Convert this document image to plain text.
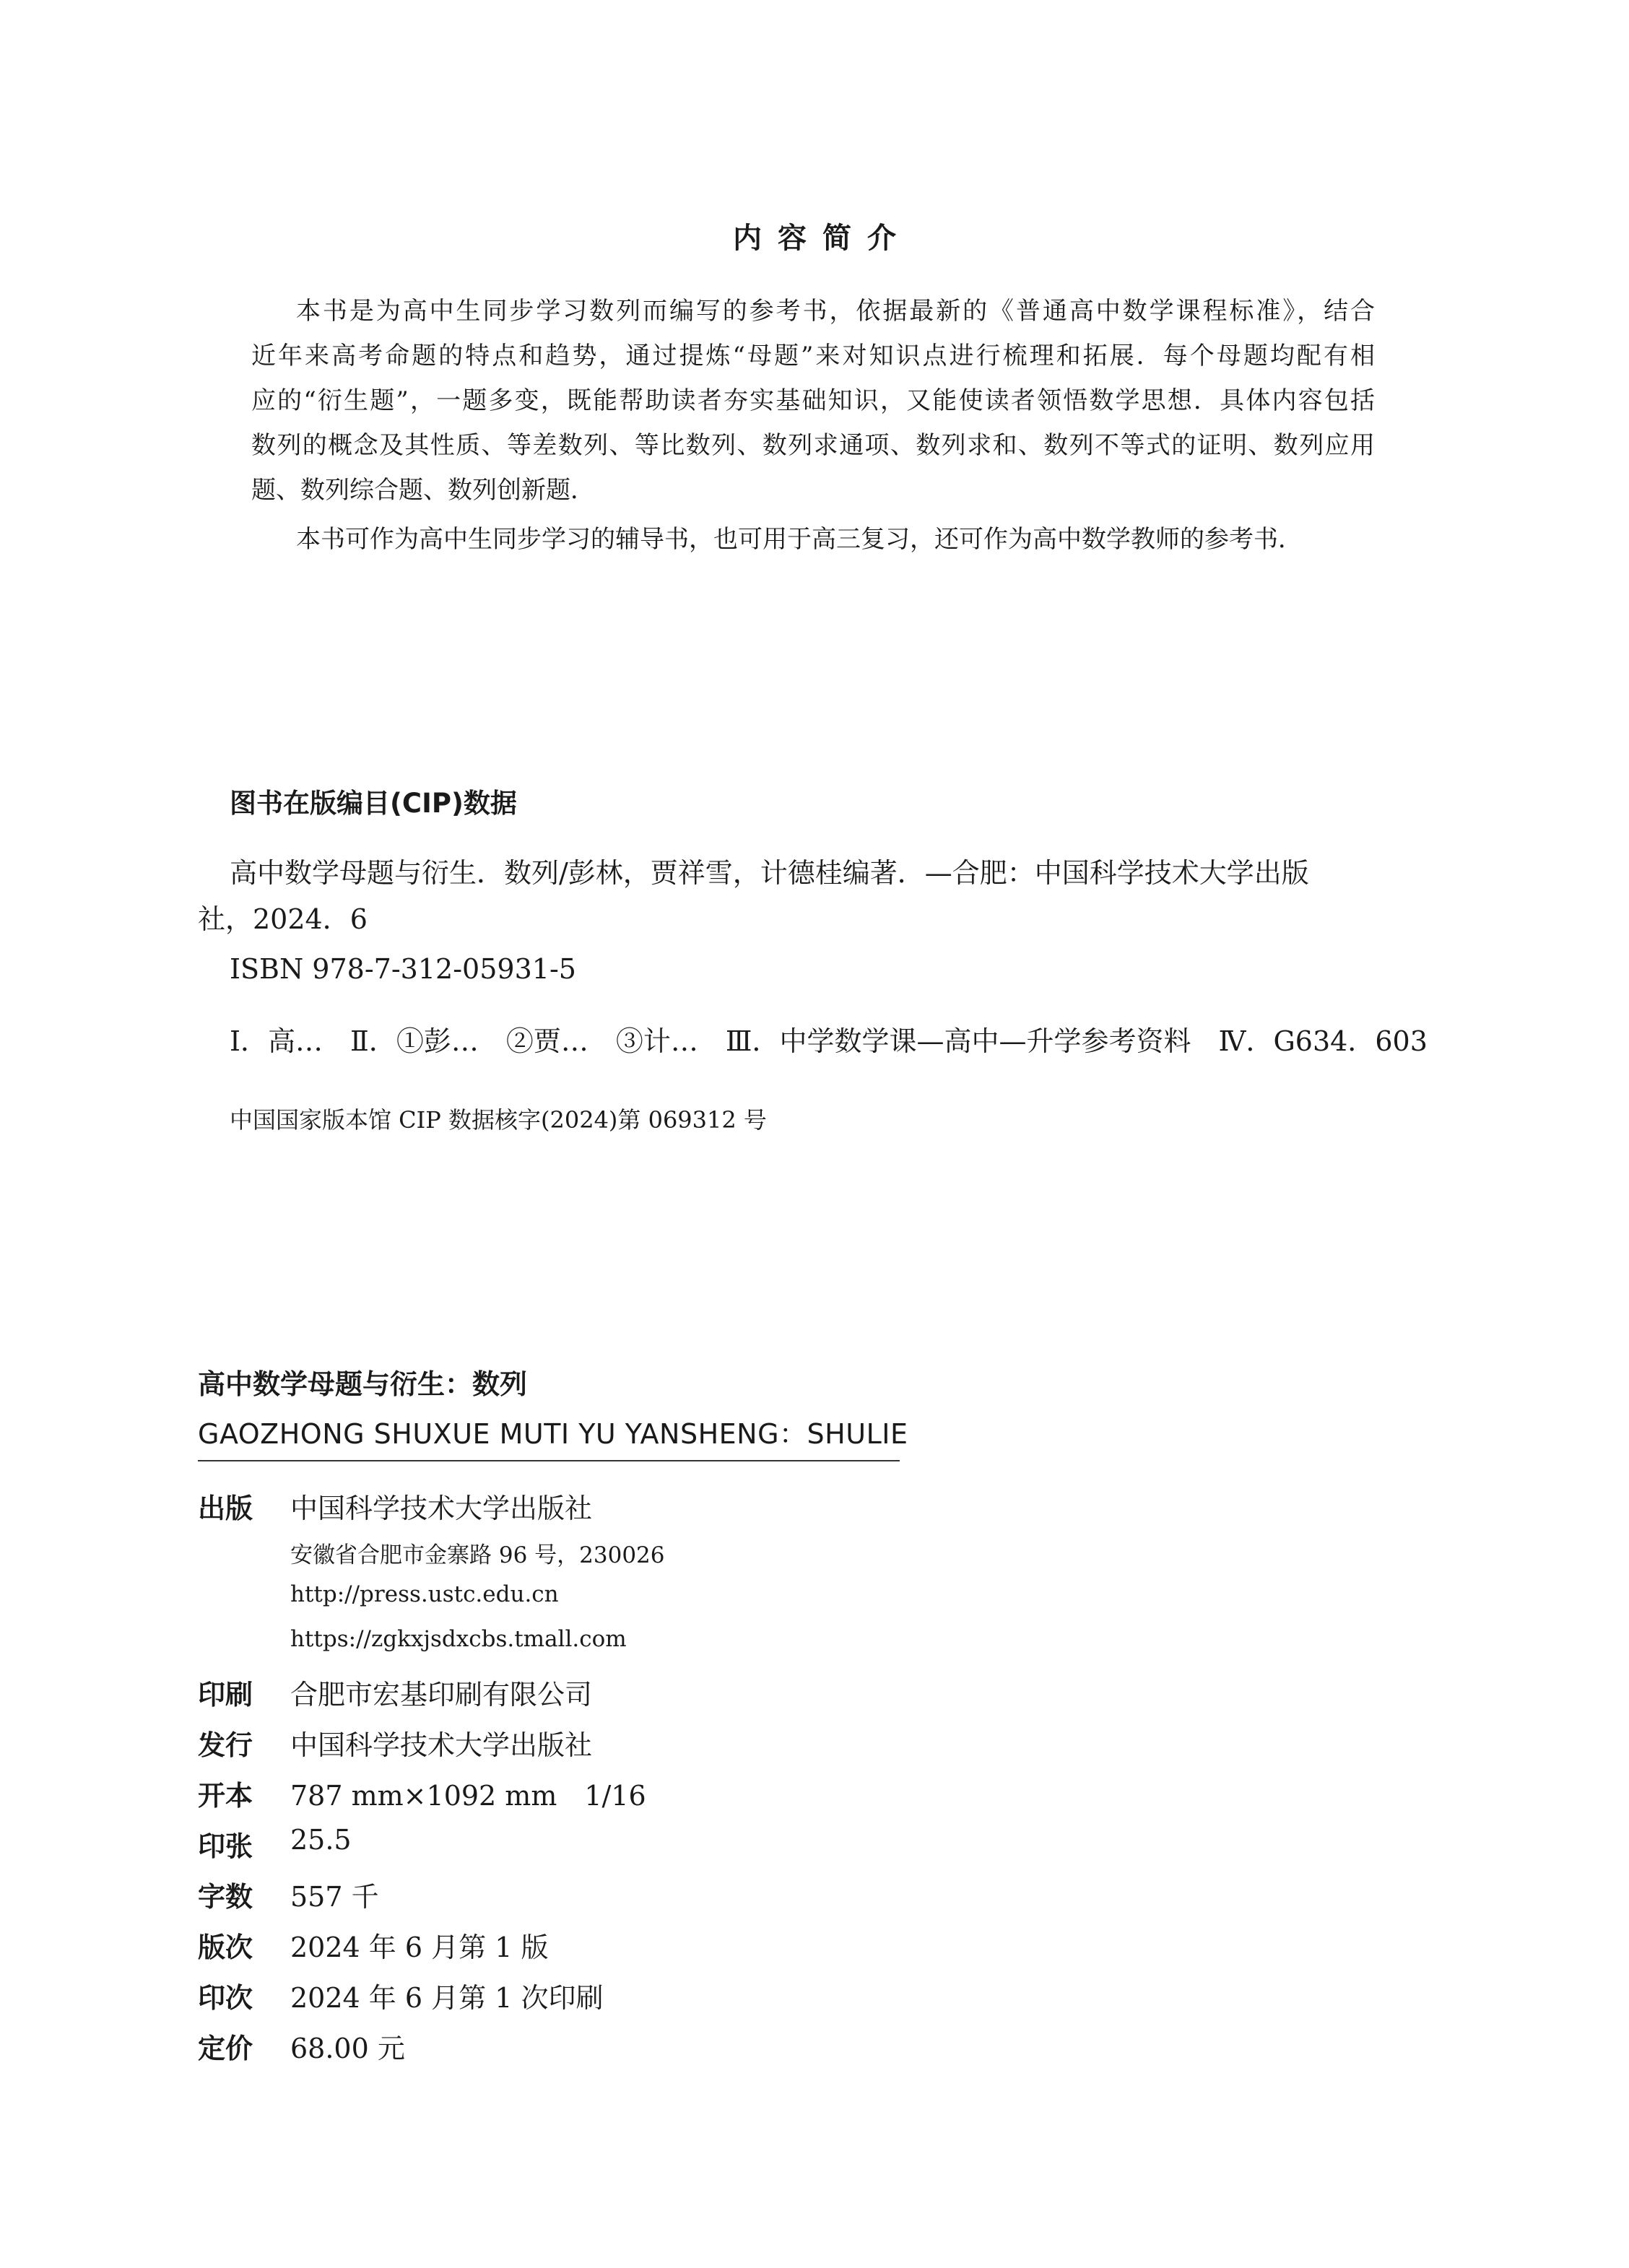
内容简介
本书是为高中生同步学习数列而编写的参考书，依据最新的《普通高中数学课程标准》，结合
近年来高考命题的特点和趋势，通过提炼“母题”来对知识点进行梳理和拓展．每个母题均配有相
应的“衍生题”，一题多变，既能帮助读者夯实基础知识，又能使读者领悟数学思想．具体内容包括
数列的概念及其性质、等差数列、等比数列、数列求通项、数列求和、数列不等式的证明、数列应用
题、数列综合题、数列创新题．
本书可作为高中生同步学习的辅导书，也可用于高三复习，还可作为高中数学教师的参考书．
图书在版编目(CIP)数据
高中数学母题与衍生．数列/彭林，贾祥雪，计德桂编著．—合肥：中国科学技术大学出版
社，2024．6
ISBN 978-7-312-05931-5
Ⅰ．高…　Ⅱ．①彭…　②贾…　③计…　Ⅲ．中学数学课—高中—升学参考资料　Ⅳ．G634．603
中国国家版本馆 CIP 数据核字(2024)第 069312 号
高中数学母题与衍生：数列
GAOZHONG SHUXUE MUTI YU YANSHENG：SHULIE
出版 中国科学技术大学出版社
安徽省合肥市金寨路 96 号，230026
http://press.ustc.edu.cn
https://zgkxjsdxcbs.tmall.com
印刷 合肥市宏基印刷有限公司
发行 中国科学技术大学出版社
开本 787 mm×1092 mm　1/16
印张 25.5
字数 557 千
版次 2024 年 6 月第 1 版
印次 2024 年 6 月第 1 次印刷
定价 68.00 元
